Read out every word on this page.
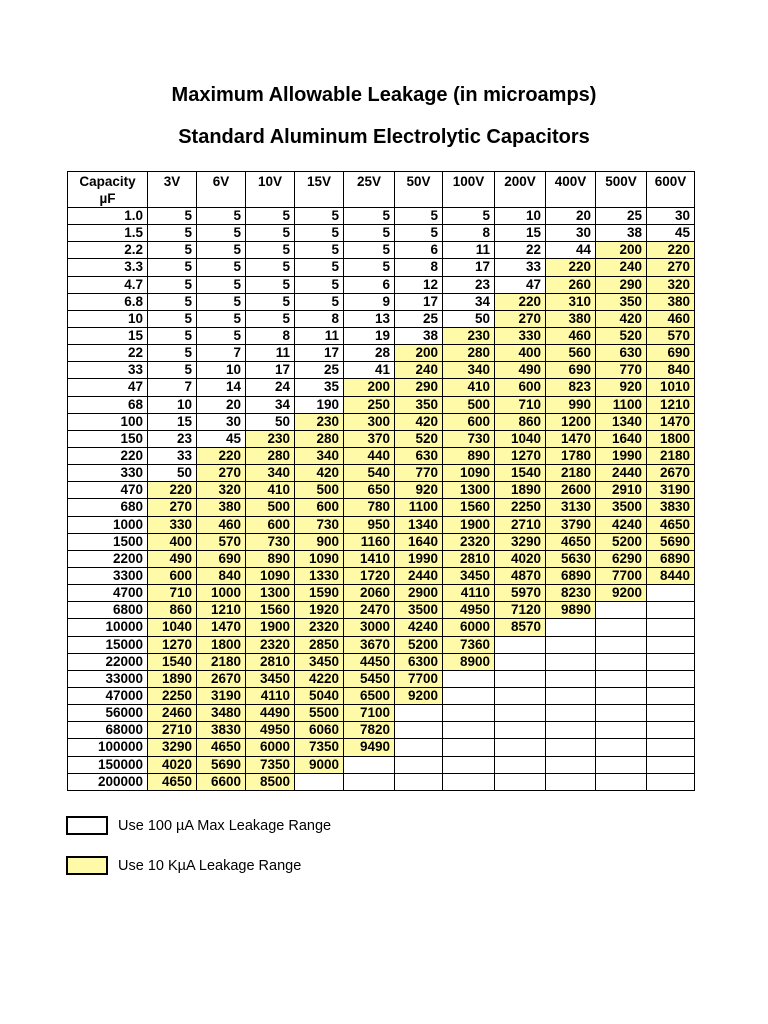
Maximum Allowable Leakage (in microamps)
Standard Aluminum Electrolytic Capacitors
Capacity
µF	3V	6V	10V	15V	25V	50V	100V	200V	400V	500V	600V
1.0	5	5	5	5	5	5	5	10	20	25	30
1.5	5	5	5	5	5	5	8	15	30	38	45
2.2	5	5	5	5	5	6	11	22	44	200	220
3.3	5	5	5	5	5	8	17	33	220	240	270
4.7	5	5	5	5	6	12	23	47	260	290	320
6.8	5	5	5	5	9	17	34	220	310	350	380
10	5	5	5	8	13	25	50	270	380	420	460
15	5	5	8	11	19	38	230	330	460	520	570
22	5	7	11	17	28	200	280	400	560	630	690
33	5	10	17	25	41	240	340	490	690	770	840
47	7	14	24	35	200	290	410	600	823	920	1010
68	10	20	34	190	250	350	500	710	990	1100	1210
100	15	30	50	230	300	420	600	860	1200	1340	1470
150	23	45	230	280	370	520	730	1040	1470	1640	1800
220	33	220	280	340	440	630	890	1270	1780	1990	2180
330	50	270	340	420	540	770	1090	1540	2180	2440	2670
470	220	320	410	500	650	920	1300	1890	2600	2910	3190
680	270	380	500	600	780	1100	1560	2250	3130	3500	3830
1000	330	460	600	730	950	1340	1900	2710	3790	4240	4650
1500	400	570	730	900	1160	1640	2320	3290	4650	5200	5690
2200	490	690	890	1090	1410	1990	2810	4020	5630	6290	6890
3300	600	840	1090	1330	1720	2440	3450	4870	6890	7700	8440
4700	710	1000	1300	1590	2060	2900	4110	5970	8230	9200	
6800	860	1210	1560	1920	2470	3500	4950	7120	9890		
10000	1040	1470	1900	2320	3000	4240	6000	8570			
15000	1270	1800	2320	2850	3670	5200	7360				
22000	1540	2180	2810	3450	4450	6300	8900				
33000	1890	2670	3450	4220	5450	7700					
47000	2250	3190	4110	5040	6500	9200					
56000	2460	3480	4490	5500	7100						
68000	2710	3830	4950	6060	7820						
100000	3290	4650	6000	7350	9490						
150000	4020	5690	7350	9000							
200000	4650	6600	8500								
Use 100 µA Max Leakage Range
Use 10 KµA Leakage Range
